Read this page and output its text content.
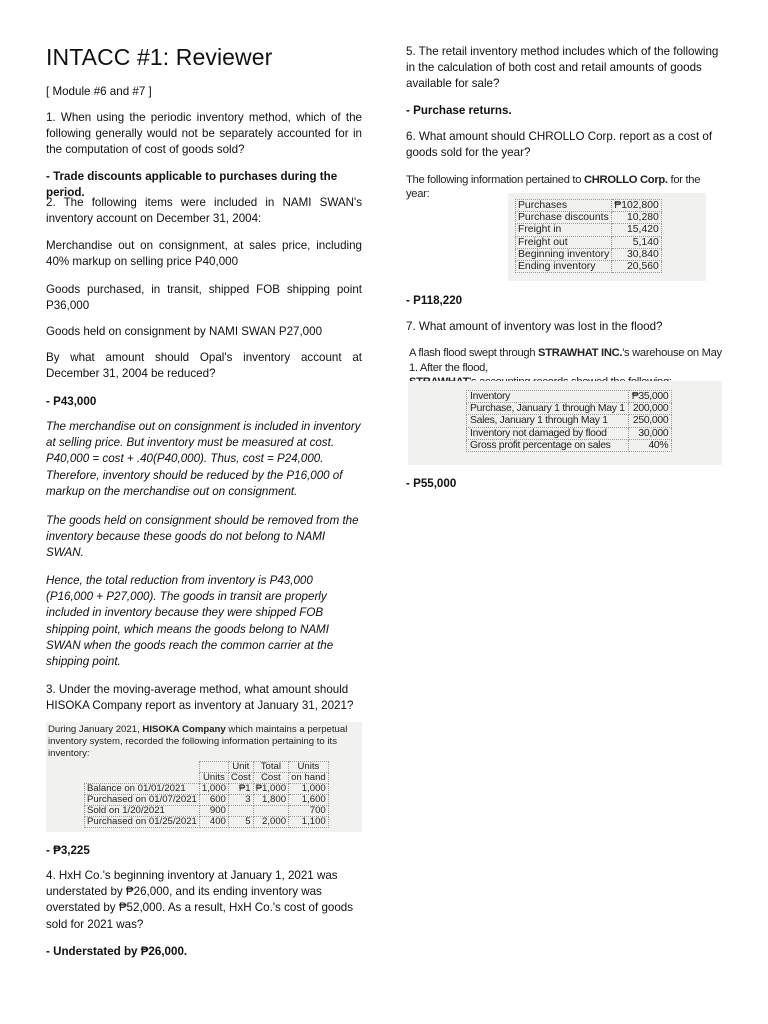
INTACC #1: Reviewer

[ Module #6 and #7 ]

1. When using the periodic inventory method, which of the following generally would not be separately accounted for in the computation of cost of goods sold?

- Trade discounts applicable to purchases during the period.

2. The following items were included in NAMI SWAN's inventory account on December 31, 2004:

Merchandise out on consignment, at sales price, including 40% markup on selling price P40,000

Goods purchased, in transit, shipped FOB shipping point P36,000

Goods held on consignment by NAMI SWAN P27,000

By what amount should Opal's inventory account at December 31, 2004 be reduced?

- P43,000

The merchandise out on consignment is included in inventory at selling price. But inventory must be measured at cost. P40,000 = cost + .40(P40,000). Thus, cost = P24,000. Therefore, inventory should be reduced by the P16,000 of markup on the merchandise out on consignment.

The goods held on consignment should be removed from the inventory because these goods do not belong to NAMI SWAN.

Hence, the total reduction from inventory is P43,000 (P16,000 + P27,000). The goods in transit are properly included in inventory because they were shipped FOB shipping point, which means the goods belong to NAMI SWAN when the goods reach the common carrier at the shipping point.

3. Under the moving-average method, what amount should HISOKA Company report as inventory at January 31, 2021?

During January 2021, HISOKA Company which maintains a perpetual inventory system, recorded the following information pertaining to its inventory:
		Unit	Total	Units
	Units	Cost	Cost	on hand
Balance on 01/01/2021	1,000	₱1	₱1,000	1,000
Purchased on 01/07/2021	600	3	1,800	1,600
Sold on 1/20/2021	900			700
Purchased on 01/25/2021	400	5	2,000	1,100

- ₱3,225

4. HxH Co.'s beginning inventory at January 1, 2021 was understated by ₱26,000, and its ending inventory was overstated by ₱52,000. As a result, HxH Co.'s cost of goods sold for 2021 was?

- Understated by ₱26,000.

5. The retail inventory method includes which of the following in the calculation of both cost and retail amounts of goods available for sale?

- Purchase returns.

6. What amount should CHROLLO Corp. report as a cost of goods sold for the year?

The following information pertained to CHROLLO Corp. for the year:
Purchases	₱102,800
Purchase discounts	10,280
Freight in	15,420
Freight out	5,140
Beginning inventory	30,840
Ending inventory	20,560

- P118,220

7. What amount of inventory was lost in the flood?

A flash flood swept through STRAWHAT INC.'s warehouse on May 1. After the flood,

Inventory	₱35,000
Purchase, January 1 through May 1	200,000
Sales, January 1 through May 1	250,000
Inventory not damaged by flood	30,000
Gross profit percentage on sales	40%

- P55,000
